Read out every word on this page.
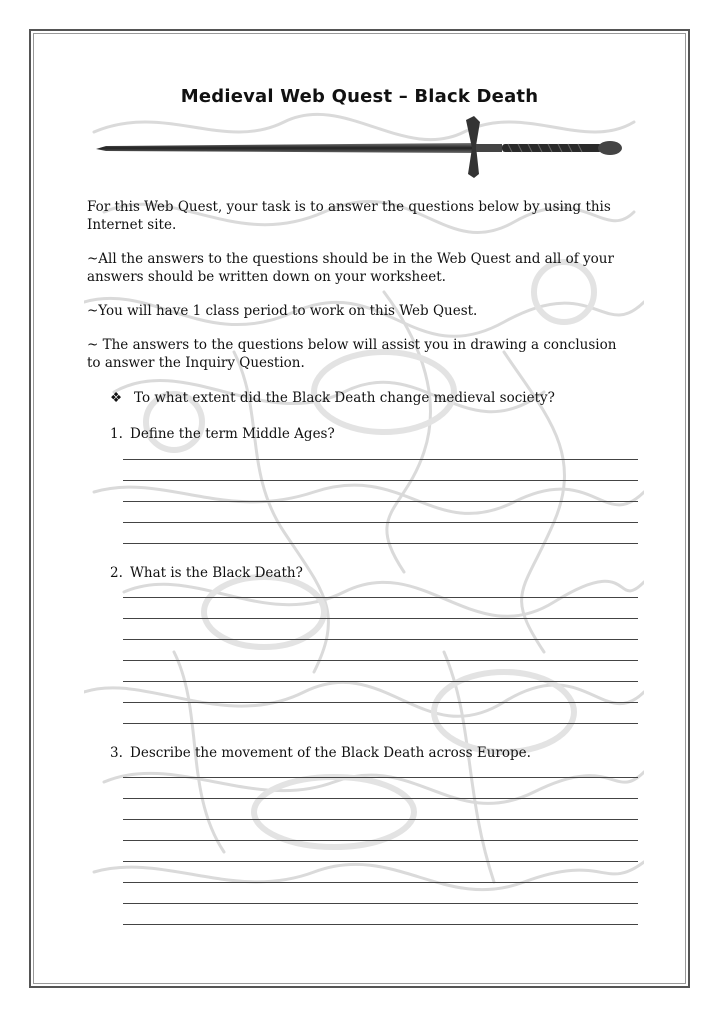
Medieval Web Quest – Black Death
For this Web Quest, your task is to answer the questions below by using this Internet site.
~All the answers to the questions should be in the Web Quest and all of your answers should be written down on your worksheet.
~You will have 1 class period to work on this Web Quest.
~ The answers to the questions below will assist you in drawing a conclusion to answer the Inquiry Question.
❖ To what extent did the Black Death change medieval society?
1. Define the term Middle Ages?
2. What is the Black Death?
3. Describe the movement of the Black Death across Europe.
